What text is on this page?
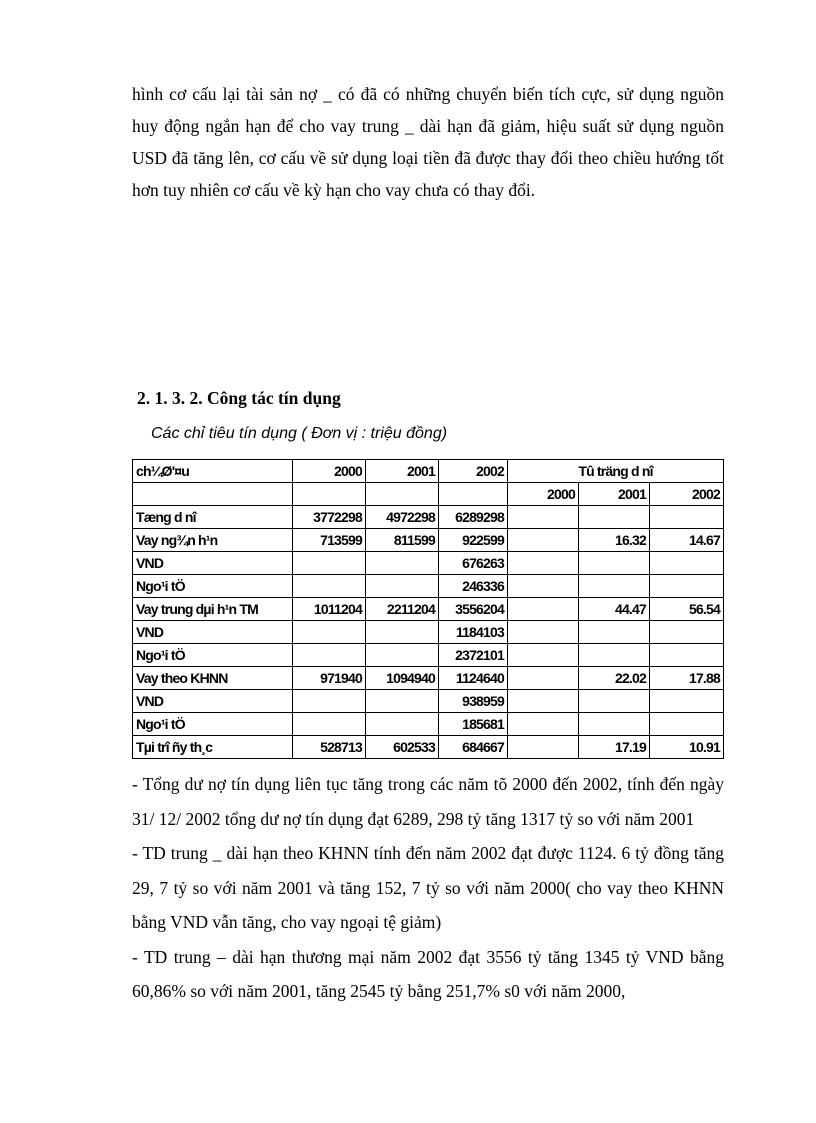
hình cơ cấu lại tài sản nợ _ có đã có những chuyển biến tích cực, sử dụng nguồn huy động ngắn hạn để cho vay trung _ dài hạn đã giảm, hiệu suất sử dụng nguồn USD đã tăng lên, cơ cấu về sử dụng loại tiền đã được thay đổi theo chiều hướng tốt hơn tuy nhiên cơ cấu về kỳ hạn cho vay chưa có thay đổi.

2. 1. 3. 2. Công tác tín dụng
Các chỉ tiêu tín dụng ( Đơn vị : triệu đồng)
ch¼Ø'¤u	2000	2001	2002	Tû träng d nî		
				2000	2001	2002
Tæng d nî	3772298	4972298	6289298			
Vay ng¾n h¹n	713599	811599	922599		16.32	14.67
VND			676263			
Ngo¹i tÖ			246336			
Vay trung dµi h¹n TM	1011204	2211204	3556204		44.47	56.54
VND			1184103			
Ngo¹i tÖ			2372101			
Vay theo KHNN	971940	1094940	1124640		22.02	17.88
VND			938959			
Ngo¹i tÖ			185681			
Tµi trî ñy th¸c	528713	602533	684667		17.19	10.91

- Tổng dư nợ tín dụng liên tục tăng trong các năm tõ 2000 đến 2002, tính đến ngày 31/ 12/ 2002 tổng dư nợ tín dụng đạt 6289, 298 tỷ tăng 1317 tỷ so với năm 2001

- TD trung _ dài hạn theo KHNN tính đến năm 2002 đạt được 1124. 6 tỷ đồng tăng 29, 7 tỷ so với năm 2001 và tăng 152, 7 tỷ so với năm 2000( cho vay theo KHNN bằng VND vẫn tăng, cho vay ngoại tệ giảm)

- TD trung – dài hạn thương mại năm 2002 đạt 3556 tỷ tăng 1345 tỷ VND bằng 60,86% so với năm 2001, tăng 2545 tỷ bằng 251,7% s0 với năm 2000,
